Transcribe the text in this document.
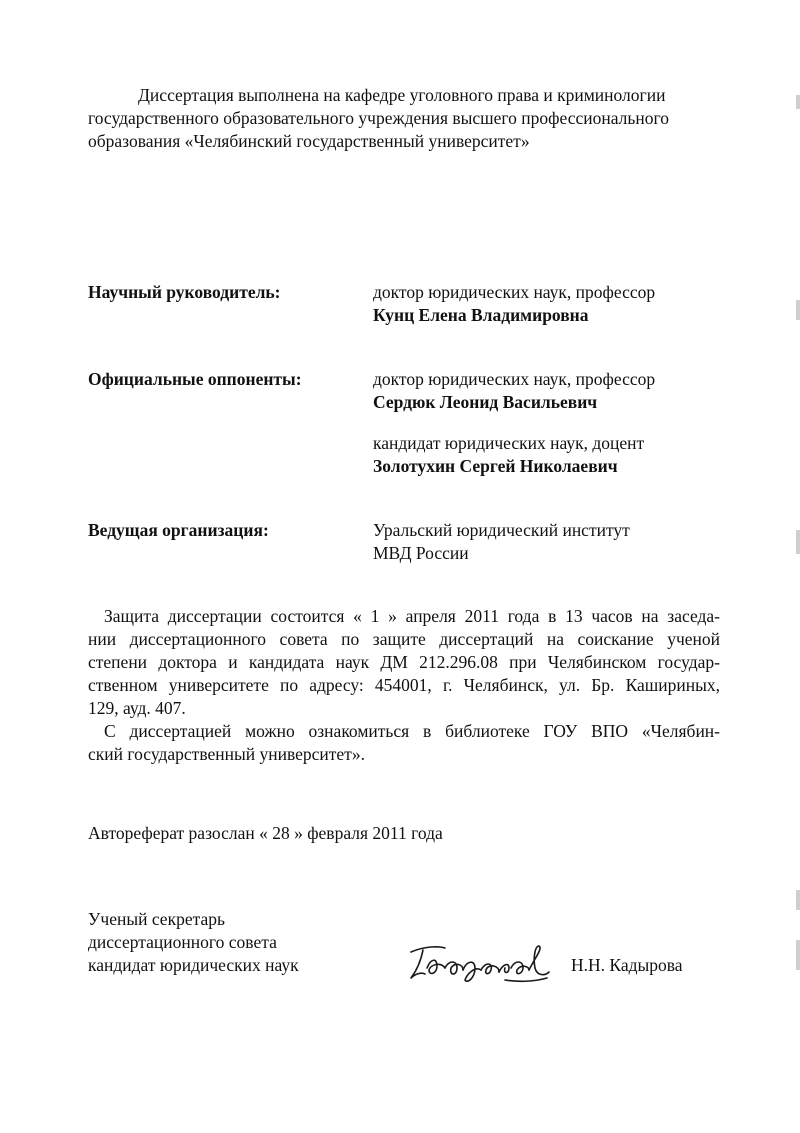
Диссертация выполнена на кафедре уголовного права и криминологии
государственного образовательного учреждения высшего профессионального
образования «Челябинский государственный университет»
Научный руководитель:	доктор юридических наук, профессор
Кунц Елена Владимировна
Официальные оппоненты:	доктор юридических наук, профессор
Сердюк Леонид Васильевич
кандидат юридических наук, доцент
Золотухин Сергей Николаевич
Ведущая организация:	Уральский юридический институт
МВД России
Защита диссертации состоится « 1 » апреля 2011 года в 13 часов на заседа-
нии диссертационного совета по защите диссертаций на соискание ученой
степени доктора и кандидата наук ДМ 212.296.08 при Челябинском государ-
ственном университете по адресу: 454001, г. Челябинск, ул. Бр. Кашириных,
129, ауд. 407.
С диссертацией можно ознакомиться в библиотеке ГОУ ВПО «Челябин-
ский государственный университет».
Автореферат разослан « 28 » февраля 2011 года
Ученый секретарь
диссертационного совета
кандидат юридических наук	Н.Н. Кадырова
